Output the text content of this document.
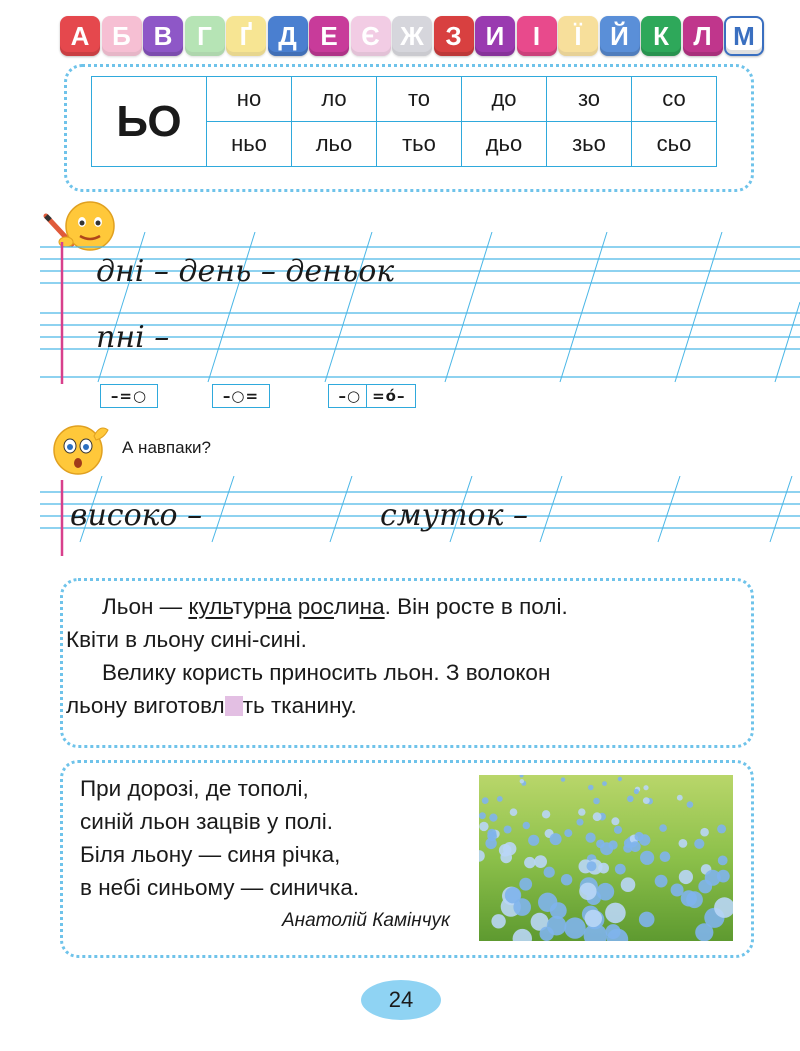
А Б В Г	Ґ Д Е Є Ж З И	І	Ї	Й К Л М
ЬО	но	ло	то	до	зо	со
	ньо	льо	тьо	дьо	зьо	сьо
дні – день – деньок
пні –
–=○	–○=	–○ =ó–
А навпаки?
високо –	смуток –
Льон — культурна рослина. Він росте в полі.
Квіти в льону сині-сині.
Велику користь приносить льон. З волокон
льону виготовл ть тканину.
При дорозі, де тополі,
синій льон зацвів у полі.
Біля льону — синя річка,
в небі синьому — синичка.
Анатолій Камінчук
24
